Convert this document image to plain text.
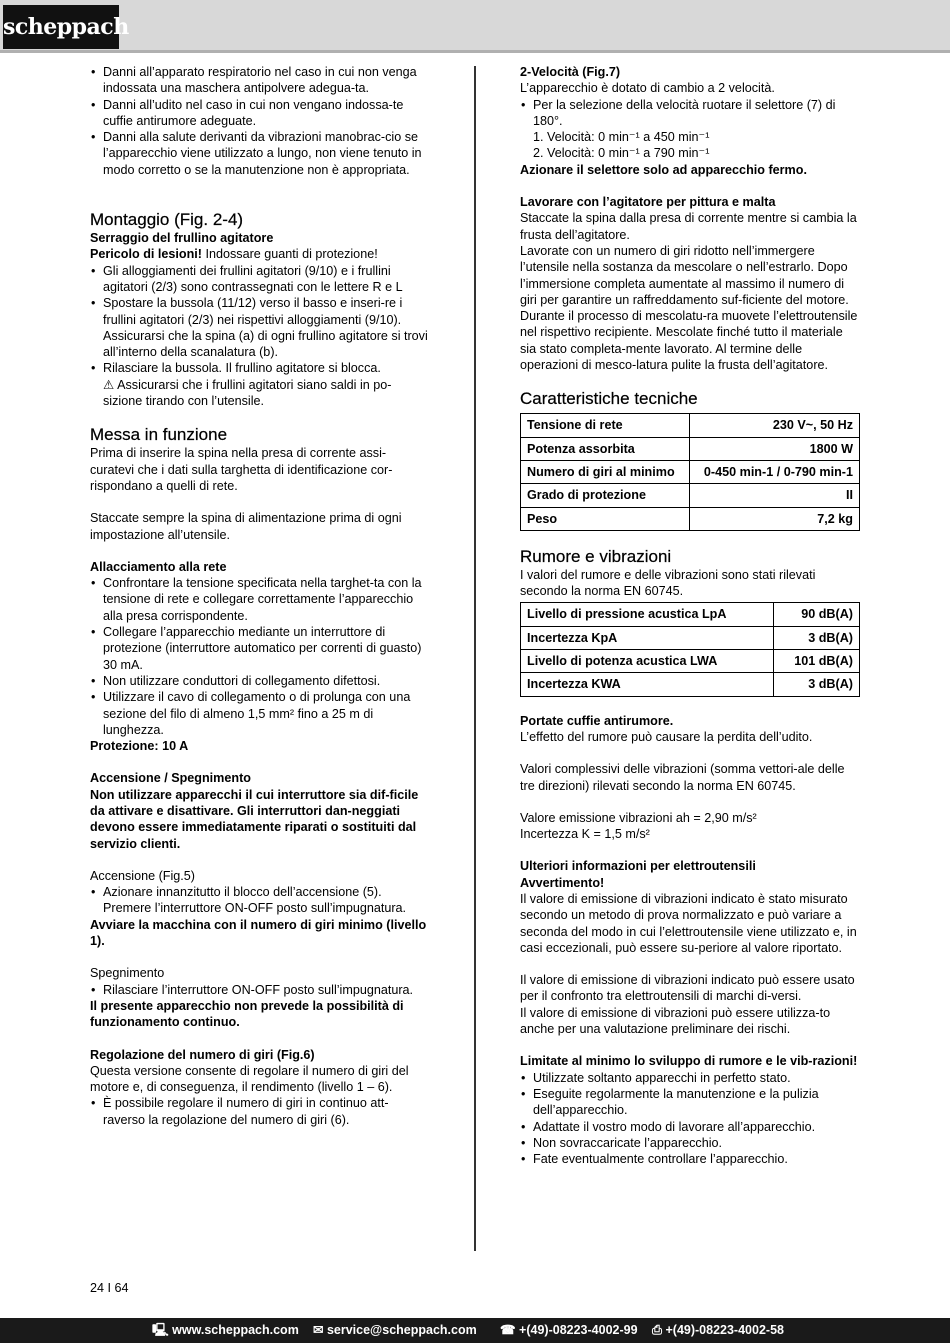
scheppach
• Danni all’apparato respiratorio nel caso in cui non venga indossata una maschera antipolvere adegua-ta.
• Danni all’udito nel caso in cui non vengano indossa-te cuffie antirumore adeguate.
• Danni alla salute derivanti da vibrazioni manobrac-cio se l’apparecchio viene utilizzato a lungo, non viene tenuto in modo corretto o se la manutenzione non è appropriata.
Montaggio (Fig. 2-4)

Serraggio del frullino agitatore

Pericolo di lesioni! Indossare guanti di protezione!

• Gli alloggiamenti dei frullini agitatori (9/10) e i frullini agitatori (2/3) sono contrassegnati con le lettere R e L
• Spostare la bussola (11/12) verso il basso e inseri-re i frullini agitatori (2/3) nei rispettivi alloggiamenti (9/10).

Assicurarsi che la spina (a) di ogni frullino agitatore si trovi all’interno della scanalatura (b).

• Rilasciare la bussola. Il frullino agitatore si blocca.

⚠ Assicurarsi che i frullini agitatori siano saldi in po-sizione tirando con l’utensile.

Messa in funzione

Prima di inserire la spina nella presa di corrente assi-curatevi che i dati sulla targhetta di identificazione cor-rispondano a quelli di rete.

Staccate sempre la spina di alimentazione prima di ogni impostazione all’utensile.

Allacciamento alla rete

• Confrontare la tensione specificata nella targhet-ta con la tensione di rete e collegare correttamente l’apparecchio alla presa corrispondente.
• Collegare l’apparecchio mediante un interruttore di protezione (interruttore automatico per correnti di guasto) 30 mA.
• Non utilizzare conduttori di collegamento difettosi.
• Utilizzare il cavo di collegamento o di prolunga con una sezione del filo di almeno 1,5 mm² fino a 25 m di lunghezza.

Protezione: 10 A

Accensione / Spegnimento

Non utilizzare apparecchi il cui interruttore sia dif-ficile da attivare e disattivare. Gli interruttori dan-neggiati devono essere immediatamente riparati o sostituiti dal servizio clienti.

Accensione (Fig.5)

• Azionare innanzitutto il blocco dell’accensione (5). Premere l’interruttore ON-OFF posto sull’impugnatura.

Avviare la macchina con il numero di giri minimo (livello 1).

Spegnimento

• Rilasciare l’interruttore ON-OFF posto sull’impugnatura.

Il presente apparecchio non prevede la possibilità di funzionamento continuo.

Regolazione del numero di giri (Fig.6)

Questa versione consente di regolare il numero di giri del motore e, di conseguenza, il rendimento (livello 1 – 6).

• È possibile regolare il numero di giri in continuo att-raverso la regolazione del numero di giri (6).

2-Velocità (Fig.7)

L’apparecchio è dotato di cambio a 2 velocità.

• Per la selezione della velocità ruotare il selettore (7) di 180°.

1. Velocità: 0 min⁻¹ a 450 min⁻¹

2. Velocità: 0 min⁻¹ a 790 min⁻¹

Azionare il selettore solo ad apparecchio fermo.

Lavorare con l’agitatore per pittura e malta

Staccate la spina dalla presa di corrente mentre si cambia la frusta dell’agitatore.

Lavorate con un numero di giri ridotto nell’immergere l’utensile nella sostanza da mescolare o nell’estrarlo. Dopo l’immersione completa aumentate al massimo il numero di giri per garantire un raffreddamento suf-ficiente del motore. Durante il processo di mescolatu-ra muovete l’elettroutensile nel rispettivo recipiente. Mescolate finché tutto il materiale sia stato completa-mente lavorato. Al termine delle operazioni di mesco-latura pulite la frusta dell’agitatore.

Caratteristiche tecniche
Tensione di rete	230 V~, 50 Hz
Potenza assorbita	1800 W
Numero di giri al minimo	0-450 min-1 / 0-790 min-1
Grado di protezione	II
Peso	7,2 kg
Rumore e vibrazioni

I valori del rumore e delle vibrazioni sono stati rilevati secondo la norma EN 60745.

Livello di pressione acustica LpA	90 dB(A)
Incertezza KpA	3 dB(A)
Livello di potenza acustica LWA	101 dB(A)
Incertezza KWA	3 dB(A)

Portate cuffie antirumore.

L’effetto del rumore può causare la perdita dell’udito.

Valori complessivi delle vibrazioni (somma vettori-ale delle tre direzioni) rilevati secondo la norma EN 60745.

Valore emissione vibrazioni ah = 2,90 m/s²

Incertezza K = 1,5 m/s²

Ulteriori informazioni per elettroutensili

Avvertimento!

Il valore di emissione di vibrazioni indicato è stato misurato secondo un metodo di prova normalizzato e può variare a seconda del modo in cui l’elettroutensile viene utilizzato e, in casi eccezionali, può essere su-periore al valore riportato.

Il valore di emissione di vibrazioni indicato può essere usato per il confronto tra elettroutensili di marchi di-versi.

Il valore di emissione di vibrazioni può essere utilizza-to anche per una valutazione preliminare dei rischi.

Limitate al minimo lo sviluppo di rumore e le vib-razioni!

• Utilizzate soltanto apparecchi in perfetto stato.
• Eseguite regolarmente la manutenzione e la pulizia dell’apparecchio.
• Adattate il vostro modo di lavorare all’apparecchio.
• Non sovraccaricate l’apparecchio.
• Fate eventualmente controllare l’apparecchio.
24 I 64
🖳 www.scheppach.com ✉ service@scheppach.com ☎ +(49)-08223-4002-99 ⎙ +(49)-08223-4002-58
